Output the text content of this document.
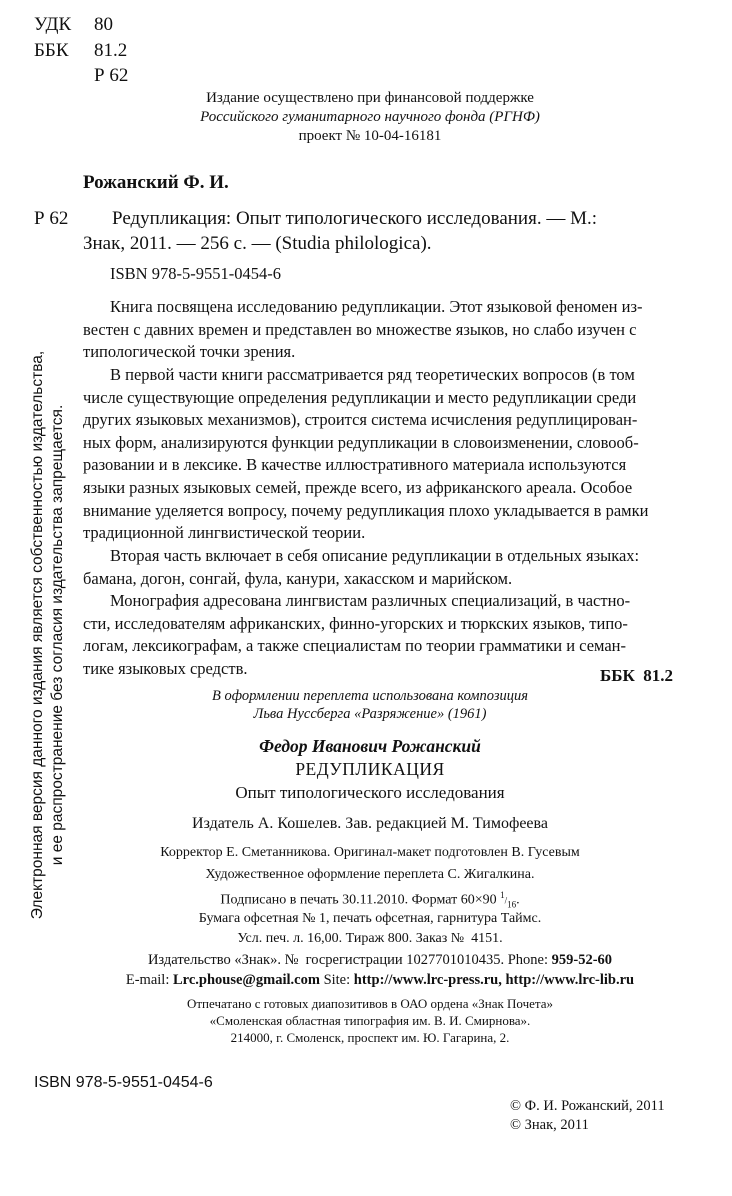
УДК 80
ББК 81.2
Р 62
Издание осуществлено при финансовой поддержке
Российского гуманитарного научного фонда (РГНФ)
проект № 10-04-16181
Рожанский Ф. И.
Р 62 Редупликация: Опыт типологического исследования. — М.:
Знак, 2011. — 256 с. — (Studia philologica).
ISBN 978-5-9551-0454-6
Книга посвящена исследованию редупликации. Этот языковой феномен из-
вестен с давних времен и представлен во множестве языков, но слабо изучен с
типологической точки зрения.
В первой части книги рассматривается ряд теоретических вопросов (в том
числе существующие определения редупликации и место редупликации среди
других языковых механизмов), строится система исчисления редуплицирован-
ных форм, анализируются функции редупликации в словоизменении, словооб-
разовании и в лексике. В качестве иллюстративного материала используются
языки разных языковых семей, прежде всего, из африканского ареала. Особое
внимание уделяется вопросу, почему редупликация плохо укладывается в рамки
традиционной лингвистической теории.
Вторая часть включает в себя описание редупликации в отдельных языках:
бамана, догон, сонгай, фула, канури, хакасском и марийском.
Монография адресована лингвистам различных специализаций, в частно-
сти, исследователям африканских, финно-угорских и тюркских языков, типо-
логам, лексикографам, а также специалистам по теории грамматики и семан-
тике языковых средств.	ББК  81.2
В оформлении переплета использована композиция
Льва Нуссберга «Разряжение» (1961)
Федор Иванович Рожанский
РЕДУПЛИКАЦИЯ
Опыт типологического исследования
Издатель А. Кошелев. Зав. редакцией М. Тимофеева
Корректор Е. Сметанникова. Оригинал-макет подготовлен В. Гусевым
Художественное оформление переплета С. Жигалкина.
Подписано в печать 30.11.2010. Формат 60×90 $^1/_{16}$.
Бумага офсетная № 1, печать офсетная, гарнитура Таймс.
Усл. печ. л. 16,00. Тираж 800. Заказ №  4151.
Издательство «Знак». №  госрегистрации 1027701010435. Phone: 959-52-60
E-mail: Lrc.phouse@gmail.com Site: http://www.lrc-press.ru, http://www.lrc-lib.ru
Отпечатано с готовых диапозитивов в ОАО ордена «Знак Почета»
«Смоленская областная типография им. В. И. Смирнова».
214000, г. Смоленск, проспект им. Ю. Гагарина, 2.
ISBN 978-5-9551-0454-6
© Ф. И. Рожанский, 2011
© Знак, 2011
Электронная версия данного издания является собственностью издательства, и ее распространение без согласия издательства запрещается.
